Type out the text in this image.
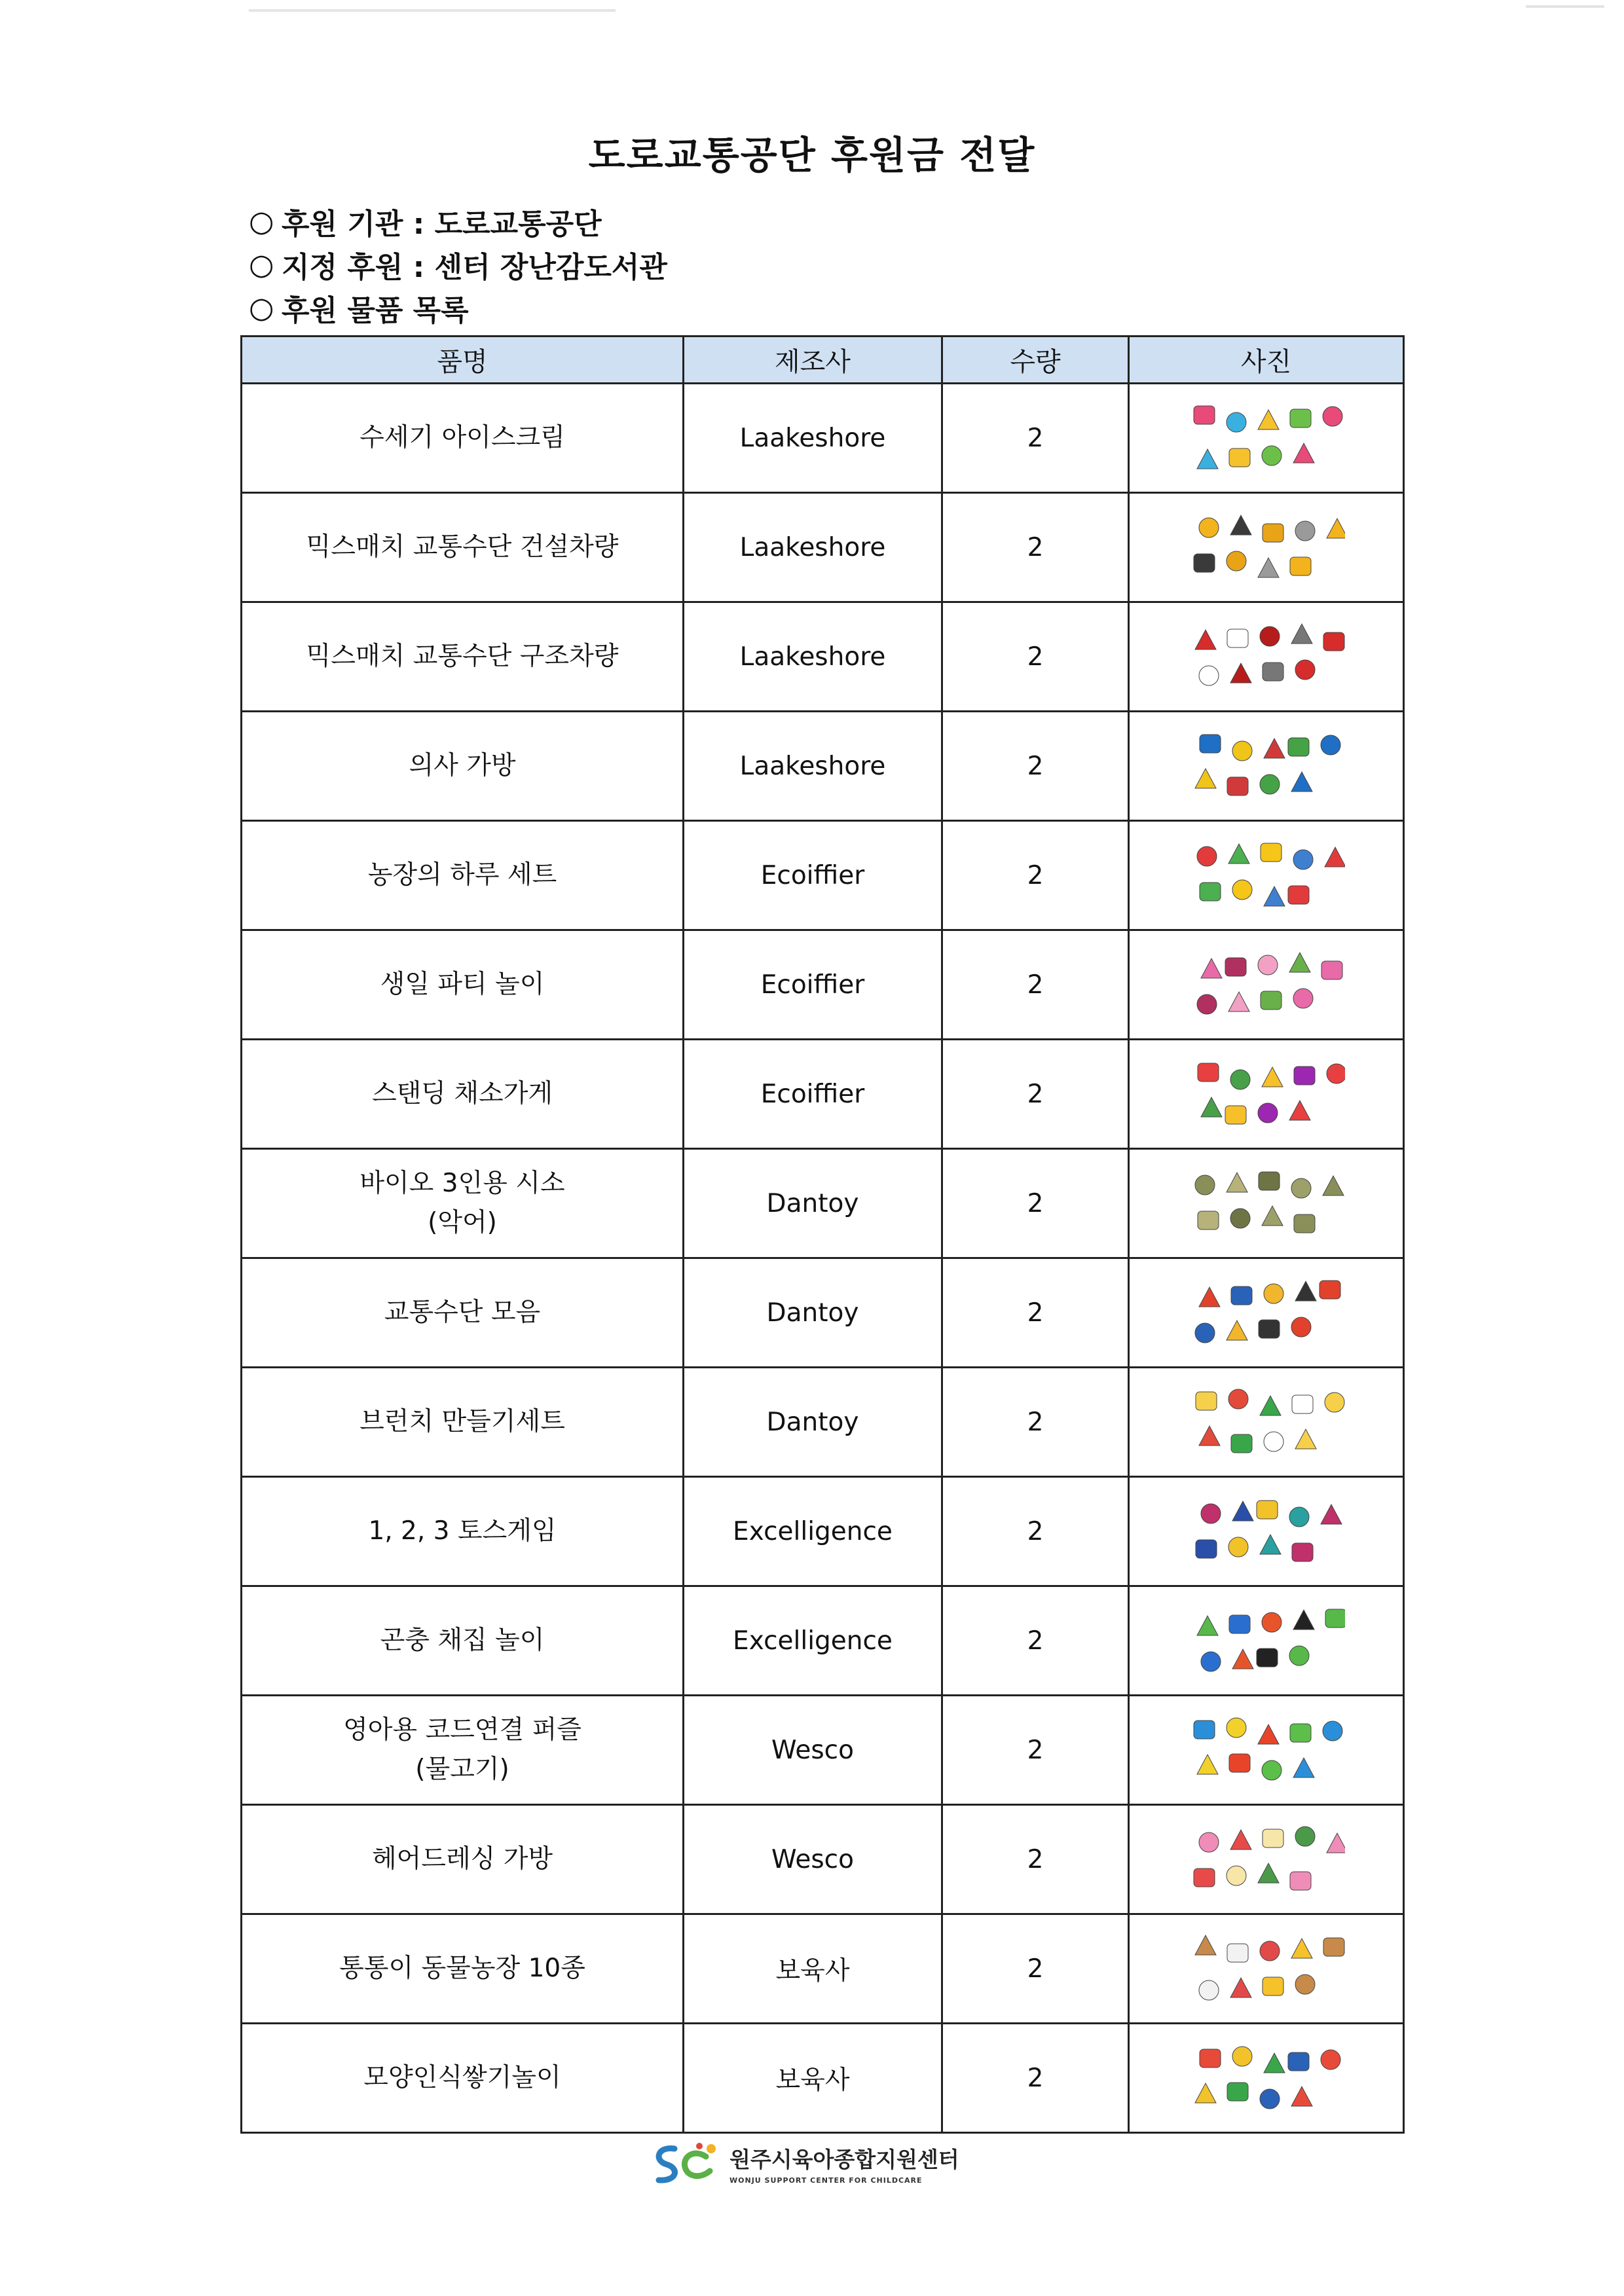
도로교통공단 후원금 전달
○ 후원 기관 : 도로교통공단
○ 지정 후원 : 센터 장난감도서관
○ 후원 물품 목록
품명	제조사	수량	사진

수세기 아이스크림	Laakeshore	2	

믹스매치 교통수단 건설차량	Laakeshore	2	

믹스매치 교통수단 구조차량	Laakeshore	2	

의사 가방	Laakeshore	2	

농장의 하루 세트	Ecoiffier	2	

생일 파티 놀이	Ecoiffier	2	

스탠딩 채소가게	Ecoiffier	2	

바이오 3인용 시소
(악어)	Dantoy	2	

교통수단 모음	Dantoy	2	

브런치 만들기세트	Dantoy	2	

1, 2, 3 토스게임	Excelligence	2	

곤충 채집 놀이	Excelligence	2	

영아용 코드연결 퍼즐
(물고기)	Wesco	2	

헤어드레싱 가방	Wesco	2	

통통이 동물농장 10종	보육사	2	

모양인식쌓기놀이	보육사	2	
원주시육아종합지원센터
WONJU SUPPORT CENTER FOR CHILDCARE
